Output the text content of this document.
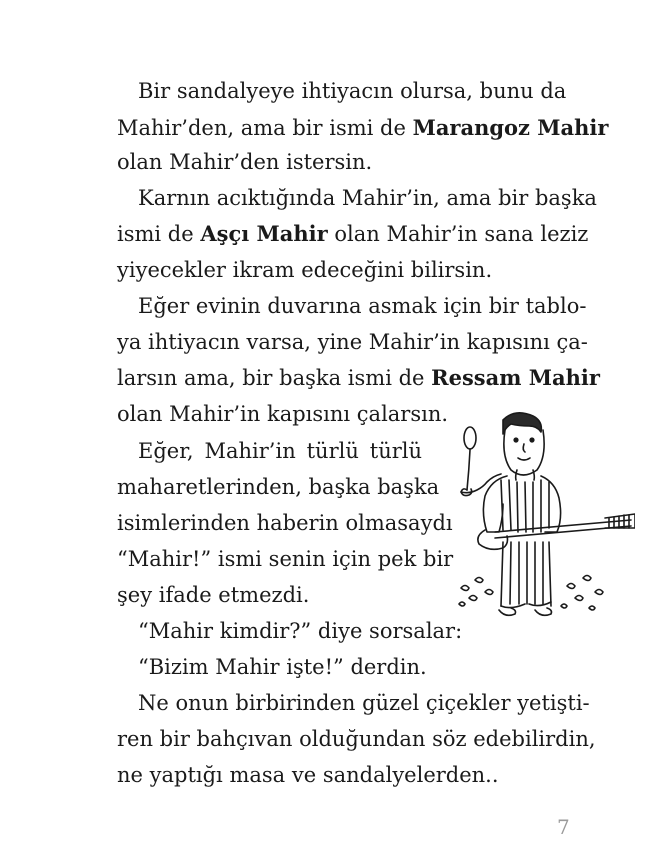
Bir sandalyeye ihtiyacın olursa, bunu da
Mahir’den, ama bir ismi de Marangoz Mahir
olan Mahir’den istersin.
Karnın acıktığında Mahir’in, ama bir başka
ismi de Aşçı Mahir olan Mahir’in sana leziz
yiyecekler ikram edeceğini bilirsin.
Eğer evinin duvarına asmak için bir tablo-
ya ihtiyacın varsa, yine Mahir’in kapısını ça-
larsın ama, bir başka ismi de Ressam Mahir
olan Mahir’in kapısını çalarsın.
Eğer, Mahir’in türlü türlü
maharetlerinden, başka başka
isimlerinden haberin olmasaydı
“Mahir!” ismi senin için pek bir
şey ifade etmezdi.
“Mahir kimdir?” diye sorsalar:
“Bizim Mahir işte!” derdin.
Ne onun birbirinden güzel çiçekler yetişti-
ren bir bahçıvan olduğundan söz edebilirdin,
ne yaptığı masa ve sandalyelerden..
7
